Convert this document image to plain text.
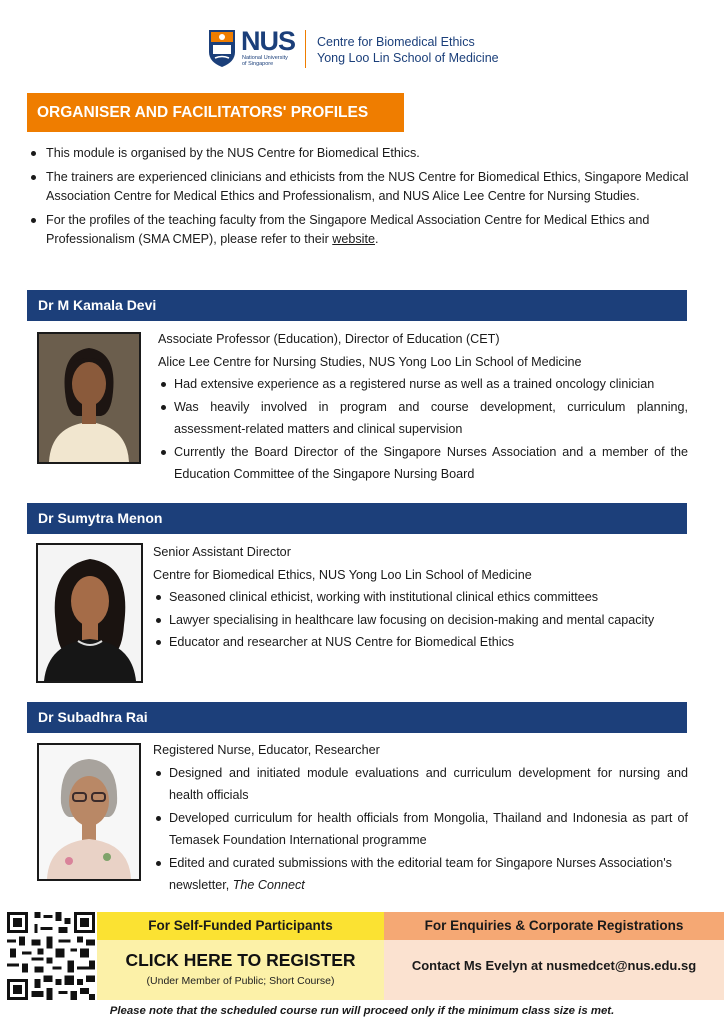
NUS
National University
of Singapore
Centre for Biomedical Ethics
Yong Loo Lin School of Medicine
ORGANISER AND FACILITATORS' PROFILES
This module is organised by the NUS Centre for Biomedical Ethics.
The trainers are experienced clinicians and ethicists from the NUS Centre for Biomedical Ethics, Singapore Medical Association Centre for Medical Ethics and Professionalism, and NUS Alice Lee Centre for Nursing Studies.
For the profiles of the teaching faculty from the Singapore Medical Association Centre for Medical Ethics and Professionalism (SMA CMEP), please refer to their website.
Dr M Kamala Devi
Associate Professor (Education), Director of Education (CET)
Alice Lee Centre for Nursing Studies, NUS Yong Loo Lin School of Medicine
Had extensive experience as a registered nurse as well as a trained oncology clinician
Was heavily involved in program and course development, curriculum planning, assessment-related matters and clinical supervision
Currently the Board Director of the Singapore Nurses Association and a member of the Education Committee of the Singapore Nursing Board
Dr Sumytra Menon
Senior Assistant Director
Centre for Biomedical Ethics, NUS Yong Loo Lin School of Medicine
Seasoned clinical ethicist, working with institutional clinical ethics committees
Lawyer specialising in healthcare law focusing on decision-making and mental capacity
Educator and researcher at NUS Centre for Biomedical Ethics
Dr Subadhra Rai
Registered Nurse, Educator, Researcher
Designed and initiated module evaluations and curriculum development for nursing and health officials
Developed curriculum for health officials from Mongolia, Thailand and Indonesia as part of Temasek Foundation International programme
Edited and curated submissions with the editorial team for Singapore Nurses Association's newsletter, The Connect
For Self-Funded Participants
CLICK HERE TO REGISTER
(Under Member of Public; Short Course)
For Enquiries & Corporate Registrations
Contact Ms Evelyn at nusmedcet@nus.edu.sg
Please note that the scheduled course run will proceed only if the minimum class size is met.
